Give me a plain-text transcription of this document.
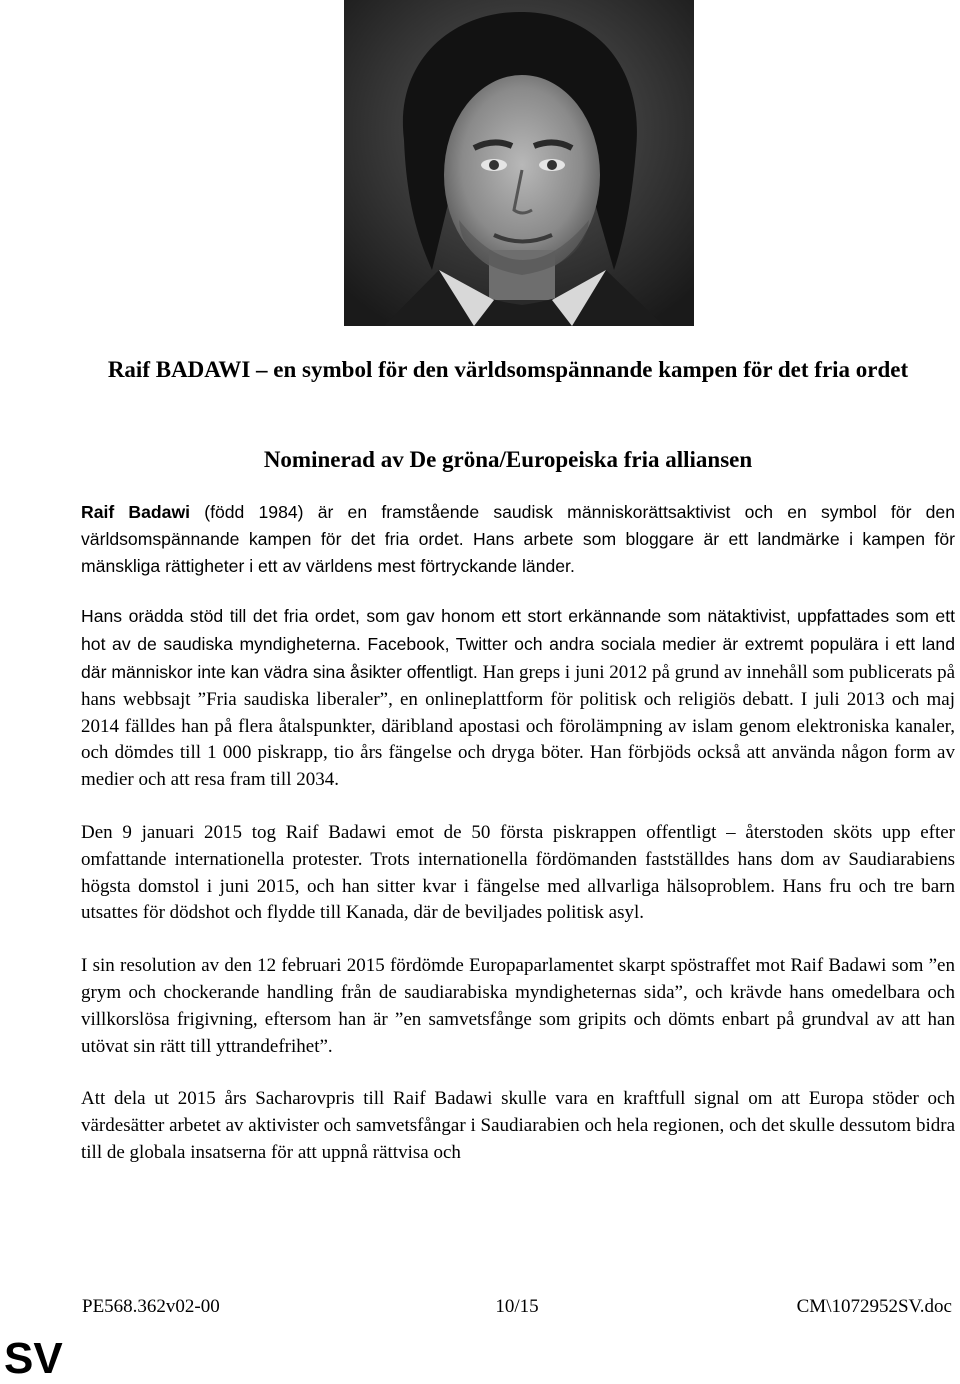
Raif BADAWI – en symbol för den världsomspännande kampen för det fria ordet
Nominerad av De gröna/Europeiska fria alliansen

Raif Badawi (född 1984) är en framstående saudisk människorättsaktivist och en symbol för den världsomspännande kampen för det fria ordet. Hans arbete som bloggare är ett landmärke i kampen för mänskliga rättigheter i ett av världens mest förtryckande länder.

Hans orädda stöd till det fria ordet, som gav honom ett stort erkännande som nätaktivist, uppfattades som ett hot av de saudiska myndigheterna. Facebook, Twitter och andra sociala medier är extremt populära i ett land där människor inte kan vädra sina åsikter offentligt. Han greps i juni 2012 på grund av innehåll som publicerats på hans webbsajt ”Fria saudiska liberaler”, en onlineplattform för politisk och religiös debatt. I juli 2013 och maj 2014 fälldes han på flera åtalspunkter, däribland apostasi och förolämpning av islam genom elektroniska kanaler, och dömdes till 1 000 piskrapp, tio års fängelse och dryga böter. Han förbjöds också att använda någon form av medier och att resa fram till 2034.

Den 9 januari 2015 tog Raif Badawi emot de 50 första piskrappen offentligt – återstoden sköts upp efter omfattande internationella protester. Trots internationella fördömanden fastställdes hans dom av Saudiarabiens högsta domstol i juni 2015, och han sitter kvar i fängelse med allvarliga hälsoproblem. Hans fru och tre barn utsattes för dödshot och flydde till Kanada, där de beviljades politisk asyl.

I sin resolution av den 12 februari 2015 fördömde Europaparlamentet skarpt spöstraffet mot Raif Badawi som ”en grym och chockerande handling från de saudiarabiska myndigheternas sida”, och krävde hans omedelbara och villkorslösa frigivning, eftersom han är ”en samvetsfånge som gripits och dömts enbart på grundval av att han utövat sin rätt till yttrandefrihet”.

Att dela ut 2015 års Sacharovpris till Raif Badawi skulle vara en kraftfull signal om att Europa stöder och värdesätter arbetet av aktivister och samvetsfångar i Saudiarabien och hela regionen, och det skulle dessutom bidra till de globala insatserna för att uppnå rättvisa och

PE568.362v02-00	10/15	CM\1072952SV.doc
SV
